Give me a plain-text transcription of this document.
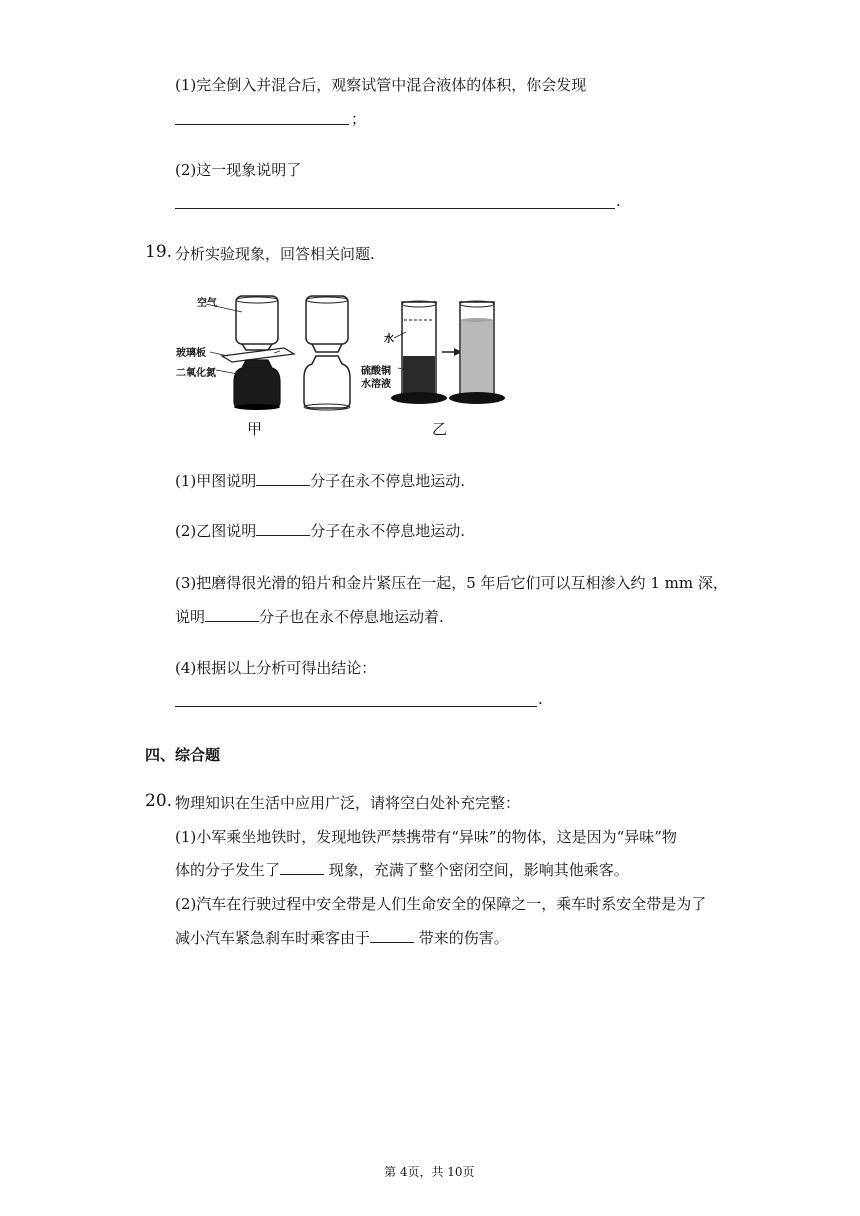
(1)完全倒入并混合后，观察试管中混合液体的体积，你会发现
；
(2)这一现象说明了
.
19. 分析实验现象，回答相关问题.
空气
玻璃板
二氧化氮
甲
水
硫酸铜
水溶液
乙
(1)甲图说明	分子在永不停息地运动.
(2)乙图说明	分子在永不停息地运动.
(3)把磨得很光滑的铅片和金片紧压在一起，5 年后它们可以互相渗入约 1 mm 深，
说明	分子也在永不停息地运动着.
(4)根据以上分析可得出结论：
.
四、综合题
20. 物理知识在生活中应用广泛，请将空白处补充完整：
(1)小军乘坐地铁时，发现地铁严禁携带有“异味”的物体，这是因为“异味”物
体的分子发生了	现象，充满了整个密闭空间，影响其他乘客。
(2)汽车在行驶过程中安全带是人们生命安全的保障之一，乘车时系安全带是为了
减小汽车紧急刹车时乘客由于	带来的伤害。
第 4页，共 10页
